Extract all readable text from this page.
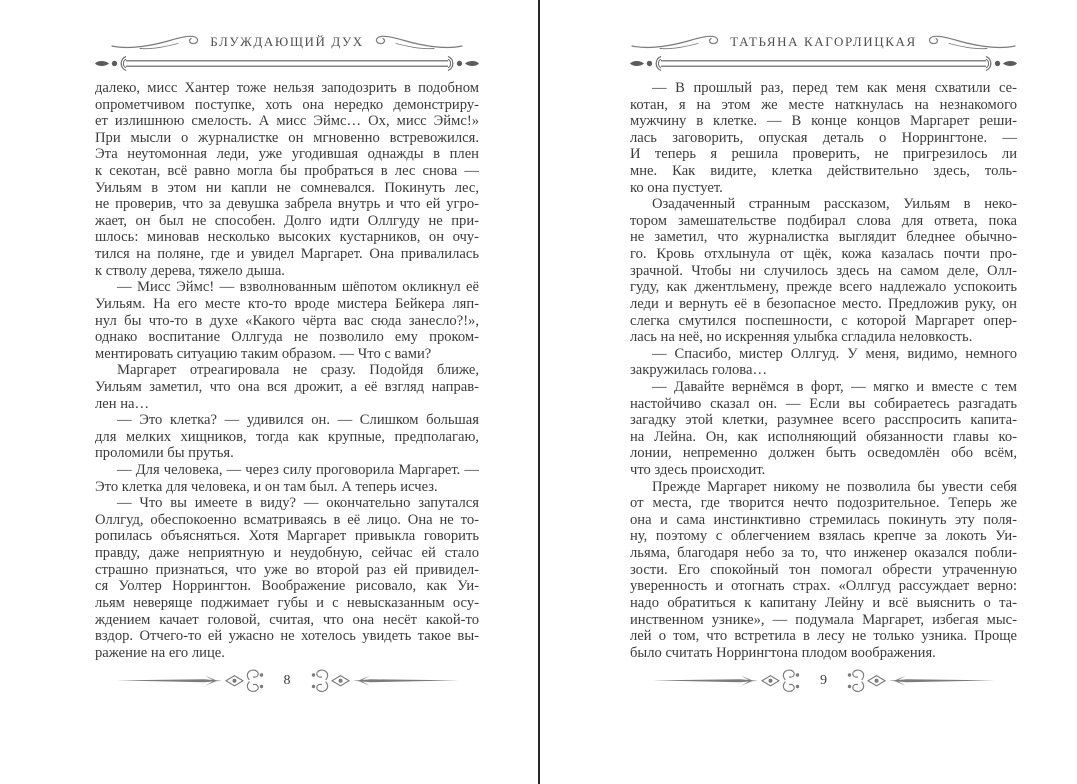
БЛУЖДАЮЩИЙ ДУХ
далеко, мисс Хантер тоже нельзя заподозрить в подобном
опрометчивом поступке, хоть она нередко демонстриру-
ет излишнюю смелость. А мисс Эймс… Ох, мисс Эймс!»
При мысли о журналистке он мгновенно встревожился.
Эта неутомонная леди, уже угодившая однажды в плен
к секотан, всё равно могла бы пробраться в лес снова —
Уильям в этом ни капли не сомневался. Покинуть лес,
не проверив, что за девушка забрела внутрь и что ей угро-
жает, он был не способен. Долго идти Оллгуду не при-
шлось: миновав несколько высоких кустарников, он очу-
тился на поляне, где и увидел Маргарет. Она привалилась
к стволу дерева, тяжело дыша.
— Мисс Эймс! — взволнованным шёпотом окликнул её
Уильям. На его месте кто-то вроде мистера Бейкера ляп-
нул бы что-то в духе «Какого чёрта вас сюда занесло?!»,
однако воспитание Оллгуда не позволило ему проком-
ментировать ситуацию таким образом. — Что с вами?
Маргарет отреагировала не сразу. Подойдя ближе,
Уильям заметил, что она вся дрожит, а её взгляд направ-
лен на…
— Это клетка? — удивился он. — Слишком большая
для мелких хищников, тогда как крупные, предполагаю,
проломили бы прутья.
— Для человека, — через силу проговорила Маргарет. —
Это клетка для человека, и он там был. А теперь исчез.
— Что вы имеете в виду? — окончательно запутался
Оллгуд, обеспокоенно всматриваясь в её лицо. Она не то-
ропилась объясняться. Хотя Маргарет привыкла говорить
правду, даже неприятную и неудобную, сейчас ей стало
страшно признаться, что уже во второй раз ей привидел-
ся Уолтер Норрингтон. Воображение рисовало, как Уи-
льям неверяще поджимает губы и с невысказанным осу-
ждением качает головой, считая, что она несёт какой-то
вздор. Отчего-то ей ужасно не хотелось увидеть такое вы-
ражение на его лице.
8
ТАТЬЯНА КАГОРЛИЦКАЯ
— В прошлый раз, перед тем как меня схватили се-
котан, я на этом же месте наткнулась на незнакомого
мужчину в клетке. — В конце концов Маргарет реши-
лась заговорить, опуская деталь о Норрингтоне. —
И теперь я решила проверить, не пригрезилось ли
мне. Как видите, клетка действительно здесь, толь-
ко она пустует.
Озадаченный странным рассказом, Уильям в неко-
тором замешательстве подбирал слова для ответа, пока
не заметил, что журналистка выглядит бледнее обычно-
го. Кровь отхлынула от щёк, кожа казалась почти про-
зрачной. Чтобы ни случилось здесь на самом деле, Олл-
гуду, как джентльмену, прежде всего надлежало успокоить
леди и вернуть её в безопасное место. Предложив руку, он
слегка смутился поспешности, с которой Маргарет опер-
лась на неё, но искренняя улыбка сгладила неловкость.
— Спасибо, мистер Оллгуд. У меня, видимо, немного
закружилась голова…
— Давайте вернёмся в форт, — мягко и вместе с тем
настойчиво сказал он. — Если вы собираетесь разгадать
загадку этой клетки, разумнее всего расспросить капита-
на Лейна. Он, как исполняющий обязанности главы ко-
лонии, непременно должен быть осведомлён обо всём,
что здесь происходит.
Прежде Маргарет никому не позволила бы увести себя
от места, где творится нечто подозрительное. Теперь же
она и сама инстинктивно стремилась покинуть эту поля-
ну, поэтому с облегчением взялась крепче за локоть Уи-
льяма, благодаря небо за то, что инженер оказался побли-
зости. Его спокойный тон помогал обрести утраченную
уверенность и отогнать страх. «Оллгуд рассуждает верно:
надо обратиться к капитану Лейну и всё выяснить о та-
инственном узнике», — подумала Маргарет, избегая мыс-
лей о том, что встретила в лесу не только узника. Проще
было считать Норрингтона плодом воображения.
9
